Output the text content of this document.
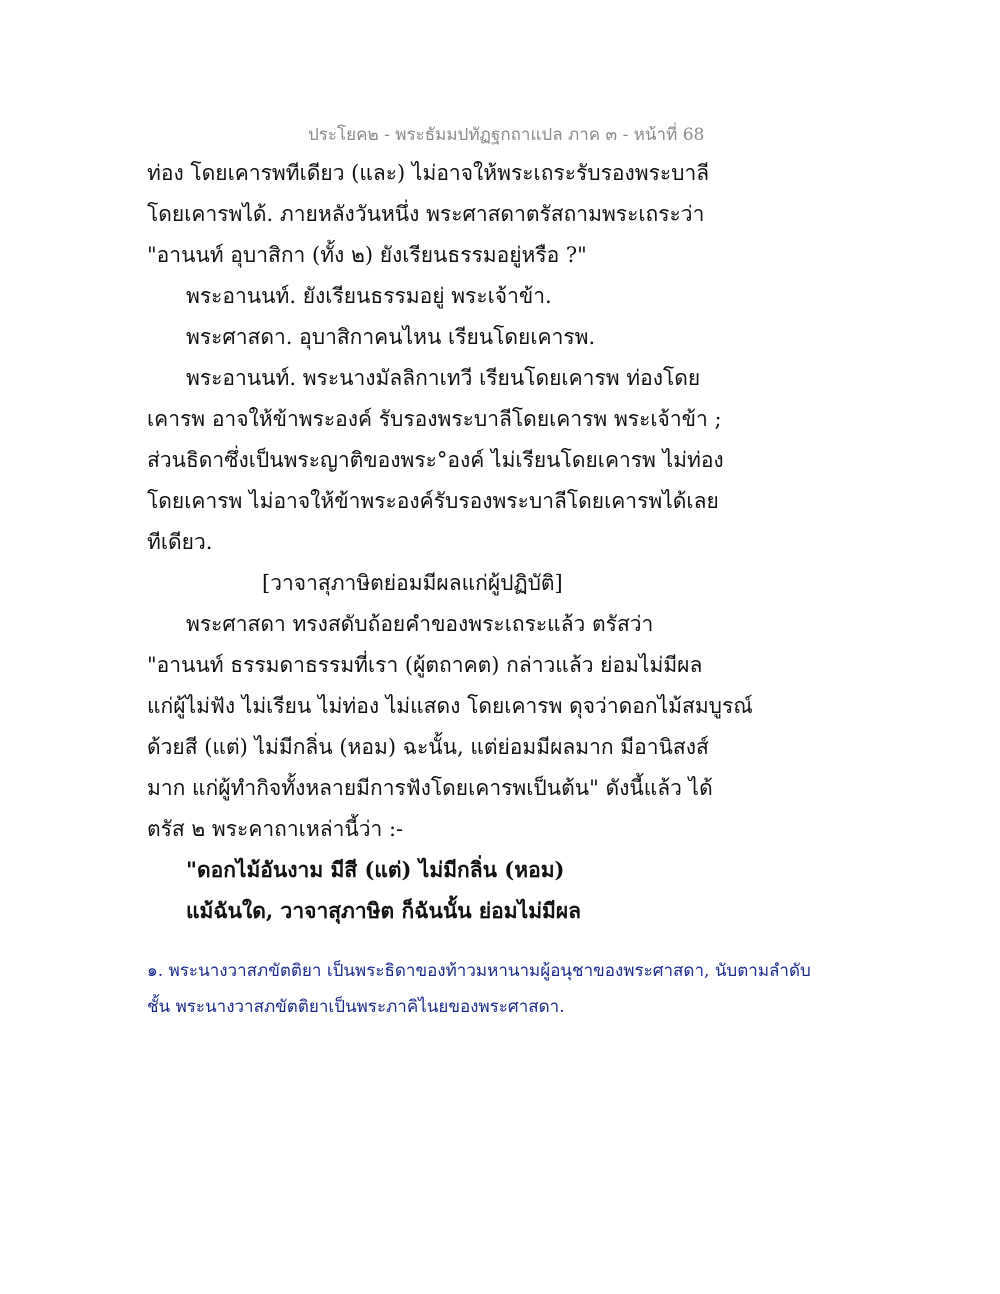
ประโยค๒ - พระธัมมปทัฏฐกถาแปล ภาค ๓ - หน้าที่ 68
ท่อง โดยเคารพทีเดียว (และ) ไม่อาจให้พระเถระรับรองพระบาลี
โดยเคารพได้. ภายหลังวันหนึ่ง พระศาสดาตรัสถามพระเถระว่า
"อานนท์ อุบาสิกา (ทั้ง ๒) ยังเรียนธรรมอยู่หรือ ?"
พระอานนท์. ยังเรียนธรรมอยู่ พระเจ้าข้า.
พระศาสดา. อุบาสิกาคนไหน เรียนโดยเคารพ.
พระอานนท์. พระนางมัลลิกาเทวี เรียนโดยเคารพ ท่องโดย
เคารพ อาจให้ข้าพระองค์ รับรองพระบาลีโดยเคารพ พระเจ้าข้า ;
ส่วนธิดาซึ่งเป็นพระญาติของพระ°องค์ ไม่เรียนโดยเคารพ ไม่ท่อง
โดยเคารพ ไม่อาจให้ข้าพระองค์รับรองพระบาลีโดยเคารพได้เลย
ทีเดียว.
[วาจาสุภาษิตย่อมมีผลแก่ผู้ปฏิบัติ]
พระศาสดา ทรงสดับถ้อยคำของพระเถระแล้ว ตรัสว่า
"อานนท์ ธรรมดาธรรมที่เรา (ผู้ตถาคต) กล่าวแล้ว ย่อมไม่มีผล
แก่ผู้ไม่ฟัง ไม่เรียน ไม่ท่อง ไม่แสดง โดยเคารพ ดุจว่าดอกไม้สมบูรณ์
ด้วยสี (แต่) ไม่มีกลิ่น (หอม) ฉะนั้น, แต่ย่อมมีผลมาก มีอานิสงส์
มาก แก่ผู้ทำกิจทั้งหลายมีการฟังโดยเคารพเป็นต้น" ดังนี้แล้ว ได้
ตรัส ๒ พระคาถาเหล่านี้ว่า :-
"ดอกไม้อันงาม มีสี (แต่) ไม่มีกลิ่น (หอม)
แม้ฉันใด, วาจาสุภาษิต ก็ฉันนั้น ย่อมไม่มีผล
๑. พระนางวาสภขัตติยา เป็นพระธิดาของท้าวมหานามผู้อนุชาของพระศาสดา, นับตามลำดับ
ชั้น พระนางวาสภขัตติยาเป็นพระภาคิไนยของพระศาสดา.
